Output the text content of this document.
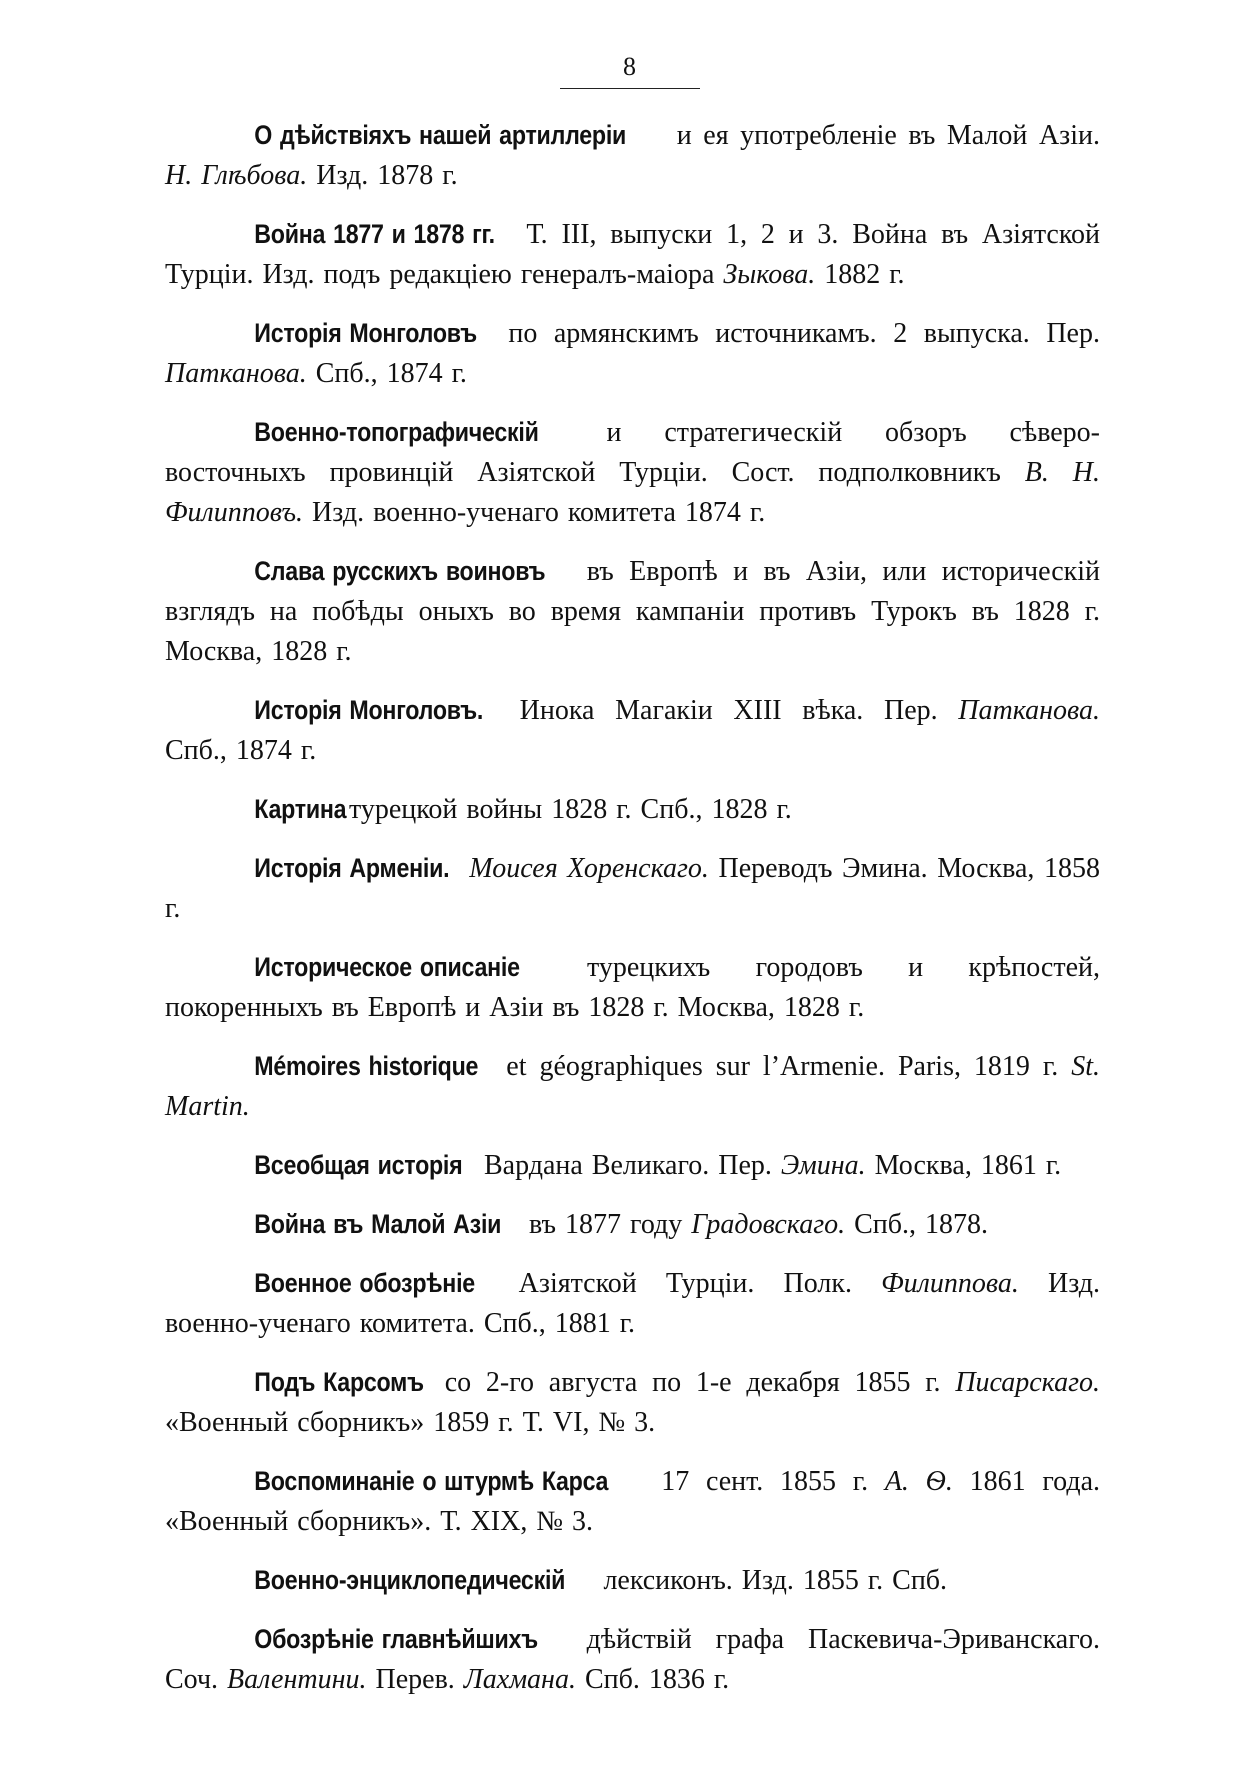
8

О дѣйствіяхъ нашей артиллеріи и ея употребленіе въ Малой Азіи. Н. Глѣбова. Изд. 1878 г.

Война 1877 и 1878 гг. Т. III, выпуски 1, 2 и 3. Война въ Азіятской Турціи. Изд. подъ редакціею генералъ-маіора Зыкова. 1882 г.

Исторія Монголовъ по армянскимъ источникамъ. 2 выпуска. Пер. Патканова. Спб., 1874 г.

Военно-топографическій и стратегическій обзоръ сѣверо-восточныхъ провинцій Азіятской Турціи. Сост. подполковникъ В. Н. Филипповъ. Изд. военно-ученаго комитета 1874 г.

Слава русскихъ воиновъ въ Европѣ и въ Азіи, или историческій взглядъ на побѣды оныхъ во время кампаніи противъ Турокъ въ 1828 г. Москва, 1828 г.

Исторія Монголовъ. Инока Магакіи XIII вѣка. Пер. Патканова. Спб., 1874 г.

Картина турецкой войны 1828 г. Спб., 1828 г.

Исторія Арменіи. Моисея Хоренскаго. Переводъ Эмина. Москва, 1858 г.

Историческое описаніе турецкихъ городовъ и крѣпостей, покоренныхъ въ Европѣ и Азіи въ 1828 г. Москва, 1828 г.

Mémoires historique et géographiques sur l’Armenie. Paris, 1819 г. St. Martin.

Всеобщая исторія Вардана Великаго. Пер. Эмина. Москва, 1861 г.

Война въ Малой Азіи въ 1877 году Градовскаго. Спб., 1878.

Военное обозрѣніе Азіятской Турціи. Полк. Филиппова. Изд. военно-ученаго комитета. Спб., 1881 г.

Подъ Карсомъ со 2-го августа по 1-е декабря 1855 г. Писарскаго. «Военный сборникъ» 1859 г. Т. VI, № 3.

Воспоминаніе о штурмѣ Карса 17 сент. 1855 г. А. Ѳ. 1861 года. «Военный сборникъ». Т. XIX, № 3.

Военно-энциклопедическій лексиконъ. Изд. 1855 г. Спб.

Обозрѣніе главнѣйшихъ дѣйствій графа Паскевича-Эриванскаго. Соч. Валентини. Перев. Лахмана. Спб. 1836 г.
